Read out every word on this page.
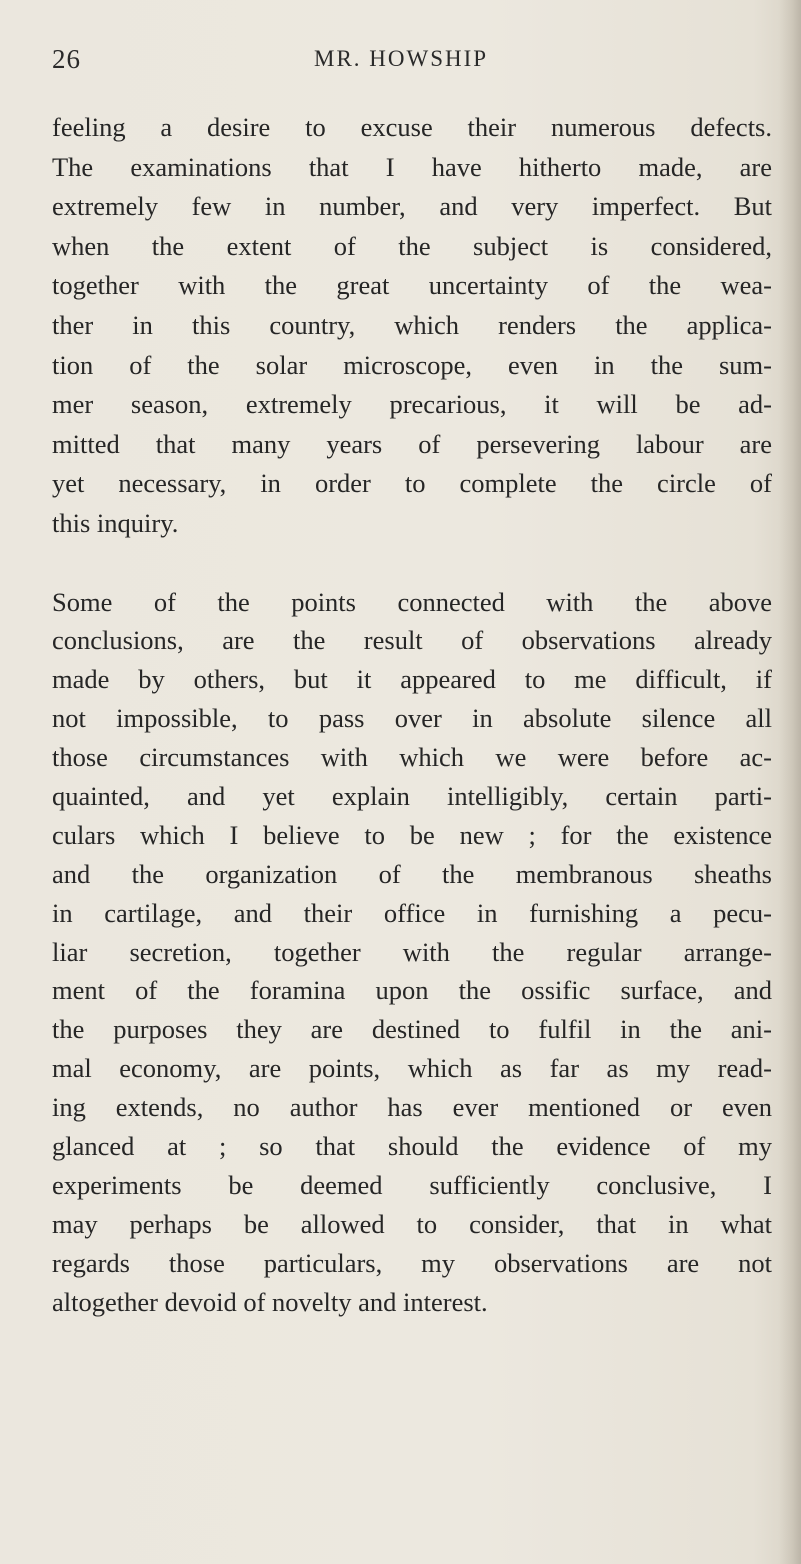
26	MR. HOWSHIP
feeling a desire to excuse their numerous defects.
The examinations that I have hitherto made, are
extremely few in number, and very imperfect. But
when the extent of the subject is considered,
together with the great uncertainty of the wea-
ther in this country, which renders the applica-
tion of the solar microscope, even in the sum-
mer season, extremely precarious, it will be ad-
mitted that many years of persevering labour are
yet necessary, in order to complete the circle of
this inquiry.
Some of the points connected with the above
conclusions, are the result of observations already
made by others, but it appeared to me difficult, if
not impossible, to pass over in absolute silence all
those circumstances with which we were before ac-
quainted, and yet explain intelligibly, certain parti-
culars which I believe to be new ; for the existence
and the organization of the membranous sheaths
in cartilage, and their office in furnishing a pecu-
liar secretion, together with the regular arrange-
ment of the foramina upon the ossific surface, and
the purposes they are destined to fulfil in the ani-
mal economy, are points, which as far as my read-
ing extends, no author has ever mentioned or even
glanced at ; so that should the evidence of my
experiments be deemed sufficiently conclusive, I
may perhaps be allowed to consider, that in what
regards those particulars, my observations are not
altogether devoid of novelty and interest.
